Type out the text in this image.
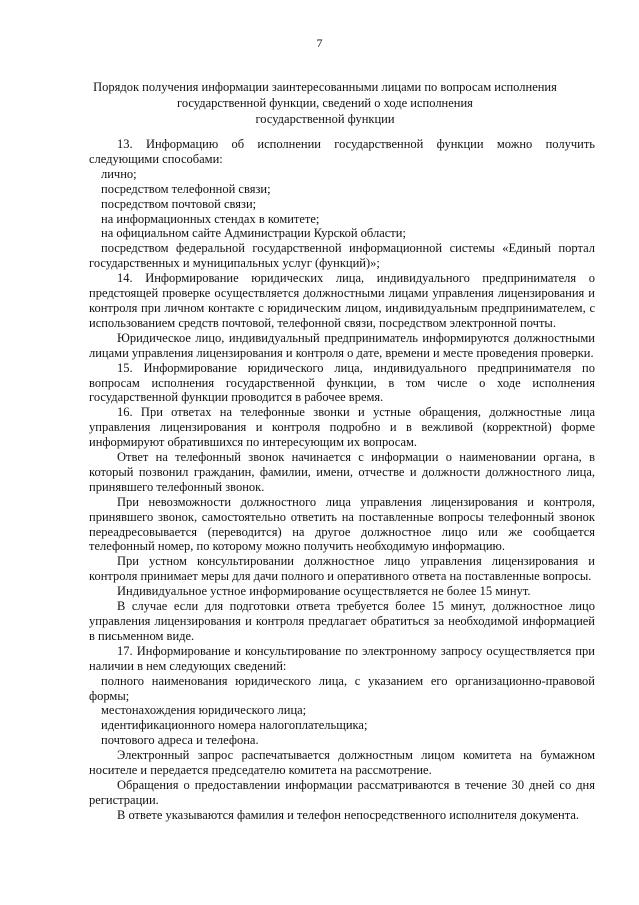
7
Порядок получения информации заинтересованными лицами по вопросам исполнения
государственной функции, сведений о ходе исполнения
государственной функции

13. Информацию об исполнении государственной функции можно получить следующими способами:

лично;

посредством телефонной связи;

посредством почтовой связи;

на информационных стендах в комитете;

на официальном сайте Администрации Курской области;

посредством федеральной государственной информационной системы «Единый портал государственных и муниципальных услуг (функций)»;

14. Информирование юридических лица, индивидуального предпринимателя о предстоящей проверке осуществляется должностными лицами управления лицензирования и контроля при личном контакте с юридическим лицом, индивидуальным предпринимателем, с использованием средств почтовой, телефонной связи, посредством электронной почты.

Юридическое лицо, индивидуальный предприниматель информируются должностными лицами управления лицензирования и контроля о дате, времени и месте проведения проверки.

15. Информирование юридического лица, индивидуального предпринимателя по вопросам исполнения государственной функции, в том числе о ходе исполнения государственной функции проводится в рабочее время.

16. При ответах на телефонные звонки и устные обращения, должностные лица управления лицензирования и контроля подробно и в вежливой (корректной) форме информируют обратившихся по интересующим их вопросам.

Ответ на телефонный звонок начинается с информации о наименовании органа, в который позвонил гражданин, фамилии, имени, отчестве и должности должностного лица, принявшего телефонный звонок.

При невозможности должностного лица управления лицензирования и контроля, принявшего звонок, самостоятельно ответить на поставленные вопросы телефонный звонок переадресовывается (переводится) на другое должностное лицо или же сообщается телефонный номер, по которому можно получить необходимую информацию.

При устном консультировании должностное лицо управления лицензирования и контроля принимает меры для дачи полного и оперативного ответа на поставленные вопросы.

Индивидуальное устное информирование осуществляется не более 15 минут.

В случае если для подготовки ответа требуется более 15 минут, должностное лицо управления лицензирования и контроля предлагает обратиться за необходимой информацией в письменном виде.

17. Информирование и консультирование по электронному запросу осуществляется при наличии в нем следующих сведений:

полного наименования юридического лица, с указанием его организационно-правовой формы;

местонахождения юридического лица;

идентификационного номера налогоплательщика;

почтового адреса и телефона.

Электронный запрос распечатывается должностным лицом комитета на бумажном носителе и передается председателю комитета на рассмотрение.

Обращения о предоставлении информации рассматриваются в течение 30 дней со дня регистрации.

В ответе указываются фамилия и телефон непосредственного исполнителя документа.
